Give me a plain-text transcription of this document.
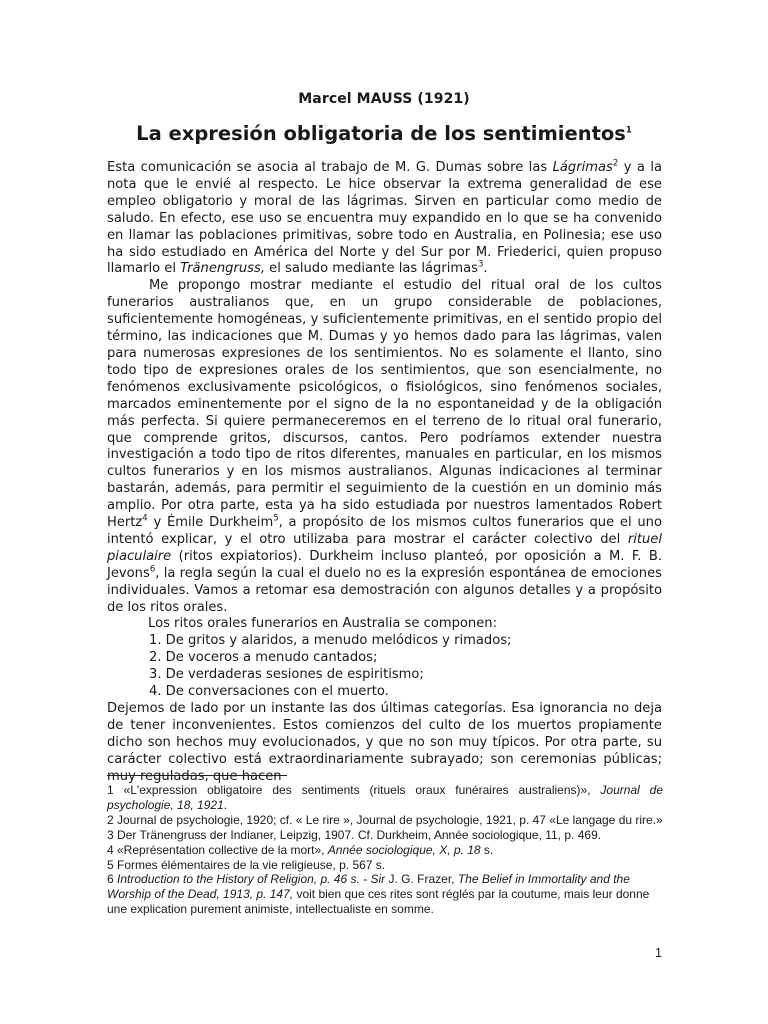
Marcel MAUSS (1921)
La expresión obligatoria de los sentimientos$^1$

Esta comunicación se asocia al trabajo de M. G. Dumas sobre las Lágrimas$^2$ y a la nota que le envié al respecto. Le hice observar la extrema generalidad de ese empleo obligatorio y moral de las lágrimas. Sirven en particular como medio de saludo. En efecto, ese uso se encuentra muy expandido en lo que se ha convenido en llamar las poblaciones primitivas, sobre todo en Australia, en Polinesia; ese uso ha sido estudiado en América del Norte y del Sur por M. Friederici, quien propuso llamarlo el Tränengruss, el saludo mediante las lágrimas$^3$.

Me propongo mostrar mediante el estudio del ritual oral de los cultos funerarios australianos que, en un grupo considerable de poblaciones, suficientemente homogéneas, y suficientemente primitivas, en el sentido propio del término, las indicaciones que M. Dumas y yo hemos dado para las lágrimas, valen para numerosas expresiones de los sentimientos. No es solamente el llanto, sino todo tipo de expresiones orales de los sentimientos, que son esencialmente, no fenómenos exclusivamente psicológicos, o fisiológicos, sino fenómenos sociales, marcados eminentemente por el signo de la no espontaneidad y de la obligación más perfecta. Si quiere permaneceremos en el terreno de lo ritual oral funerario, que comprende gritos, discursos, cantos. Pero podríamos extender nuestra investigación a todo tipo de ritos diferentes, manuales en particular, en los mismos cultos funerarios y en los mismos australianos. Algunas indicaciones al terminar bastarán, además, para permitir el seguimiento de la cuestión en un dominio más amplio. Por otra parte, esta ya ha sido estudiada por nuestros lamentados Robert Hertz$^4$ y Émile Durkheim$^5$, a propósito de los mismos cultos funerarios que el uno intentó explicar, y el otro utilizaba para mostrar el carácter colectivo del rituel piaculaire (ritos expiatorios). Durkheim incluso planteó, por oposición a M. F. B. Jevons$^6$, la regla según la cual el duelo no es la expresión espontánea de emociones individuales. Vamos a retomar esa demostración con algunos detalles y a propósito de los ritos orales.

Los ritos orales funerarios en Australia se componen:

1. De gritos y alaridos, a menudo melódicos y rimados;
2. De voceros a menudo cantados;
3. De verdaderas sesiones de espiritismo;
4. De conversaciones con el muerto.

Dejemos de lado por un instante las dos últimas categorías. Esa ignorancia no deja de tener inconvenientes. Estos comienzos del culto de los muertos propiamente dicho son hechos muy evolucionados, y que no son muy típicos. Por otra parte, su carácter colectivo está extraordinariamente subrayado; son ceremonias públicas; muy reguladas, que hacen

1 «L'expression obligatoire des sentiments (rituels oraux funéraires australiens)», Journal de psychologie, 18, 1921.

2 Journal de psychologie, 1920; cf. « Le rire », Journal de psychologie, 1921, p. 47 «Le langage du rire.»

3 Der Tränengruss der Indianer, Leipzig, 1907. Cf. Durkheim, Année sociologique, 11, p. 469.

4 «Représentation collective de la mort», Année sociologique, X, p. 18 s.

5 Formes élémentaires de la vie religieuse, p. 567 s.

6 Introduction to the History of Religion, p. 46 s. - Sir J. G. Frazer, The Belief in Immortality and the Worship of the Dead, 1913, p. 147, voit bien que ces rites sont réglés par la coutume, mais leur donne une explication purement animiste, intellectualiste en somme.

1
